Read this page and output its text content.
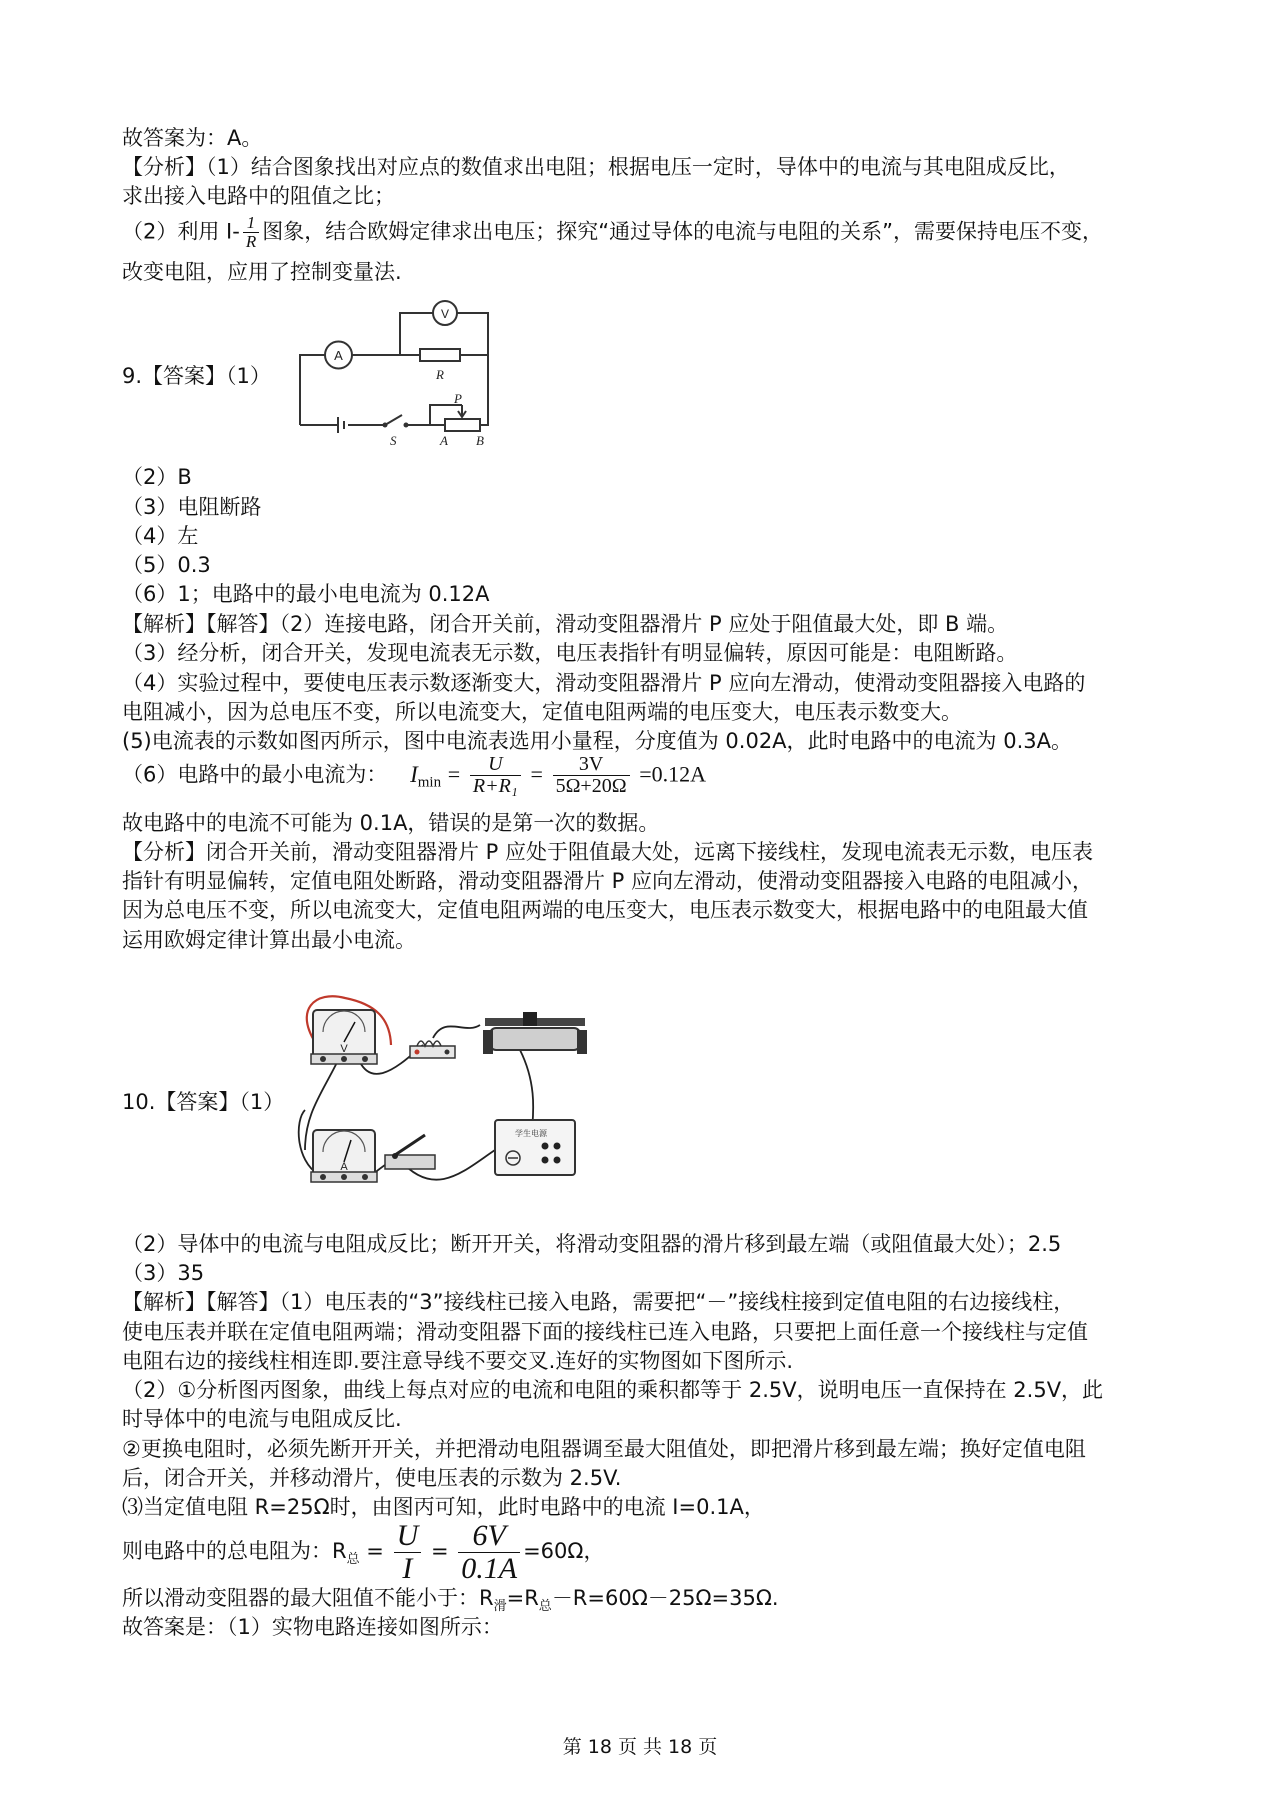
故答案为：A。
【分析】（1）结合图象找出对应点的数值求出电阻；根据电压一定时，导体中的电流与其电阻成反比，
求出接入电路中的阻值之比；
（2）利用 $I- \frac{1}{R}$ 图象，结合欧姆定律求出电压；探究“通过导体的电流与电阻的关系”，需要保持电压不变，
改变电阻，应用了控制变量法.
9.【答案】（1）
A
V
R
P
S	A B
（2）B
（3）电阻断路
（4）左
（5）0.3
（6）1；电路中的最小电电流为 0.12A
【解析】【解答】（2）连接电路，闭合开关前，滑动变阻器滑片 P 应处于阻值最大处，即 B 端。
（3）经分析，闭合开关，发现电流表无示数，电压表指针有明显偏转，原因可能是：电阻断路。
（4）实验过程中，要使电压表示数逐渐变大，滑动变阻器滑片 P 应向左滑动，使滑动变阻器接入电路的
电阻减小，因为总电压不变，所以电流变大，定值电阻两端的电压变大，电压表示数变大。
(5)电流表的示数如图丙所示，图中电流表选用小量程，分度值为 0.02A，此时电路中的电流为 0.3A。
（6）电路中的最小电流为： $I_{min} = \frac{U}{\text{R+R₁}} = \frac{3V}{5\Omega+20\Omega} =0.12A$
故电路中的电流不可能为 0.1A，错误的是第一次的数据。
【分析】闭合开关前，滑动变阻器滑片 P 应处于阻值最大处，远离下接线柱，发现电流表无示数，电压表
指针有明显偏转，定值电阻处断路，滑动变阻器滑片 P 应向左滑动，使滑动变阻器接入电路的电阻减小，
因为总电压不变，所以电流变大，定值电阻两端的电压变大，电压表示数变大，根据电路中的电阻最大值
运用欧姆定律计算出最小电流。
10.【答案】（1）
V
A
学生电源
（2）导体中的电流与电阻成反比；断开开关，将滑动变阻器的滑片移到最左端（或阻值最大处）；2.5
（3）35
【解析】【解答】（1）电压表的“3”接线柱已接入电路，需要把“－”接线柱接到定值电阻的右边接线柱，
使电压表并联在定值电阻两端；滑动变阻器下面的接线柱已连入电路，只要把上面任意一个接线柱与定值
电阻右边的接线柱相连即.要注意导线不要交叉.连好的实物图如下图所示.
（2）①分析图丙图象，曲线上每点对应的电流和电阻的乘积都等于 2.5V，说明电压一直保持在 2.5V，此
时导体中的电流与电阻成反比.
②更换电阻时，必须先断开开关，并把滑动电阻器调至最大阻值处，即把滑片移到最左端；换好定值电阻
后，闭合开关，并移动滑片，使电压表的示数为 2.5V.
⑶当定值电阻 R=25Ω时，由图丙可知，此时电路中的电流 I=0.1A，
则电路中的总电阻为：$R_总 = \frac{U}{I} = \frac{6V}{0.1A} =60\Omega$，
所以滑动变阻器的最大阻值不能小于：$R_滑=R_总-R=60\Omega-25\Omega=35\Omega$.
故答案是：（1）实物电路连接如图所示：
第 18 页 共 18 页
